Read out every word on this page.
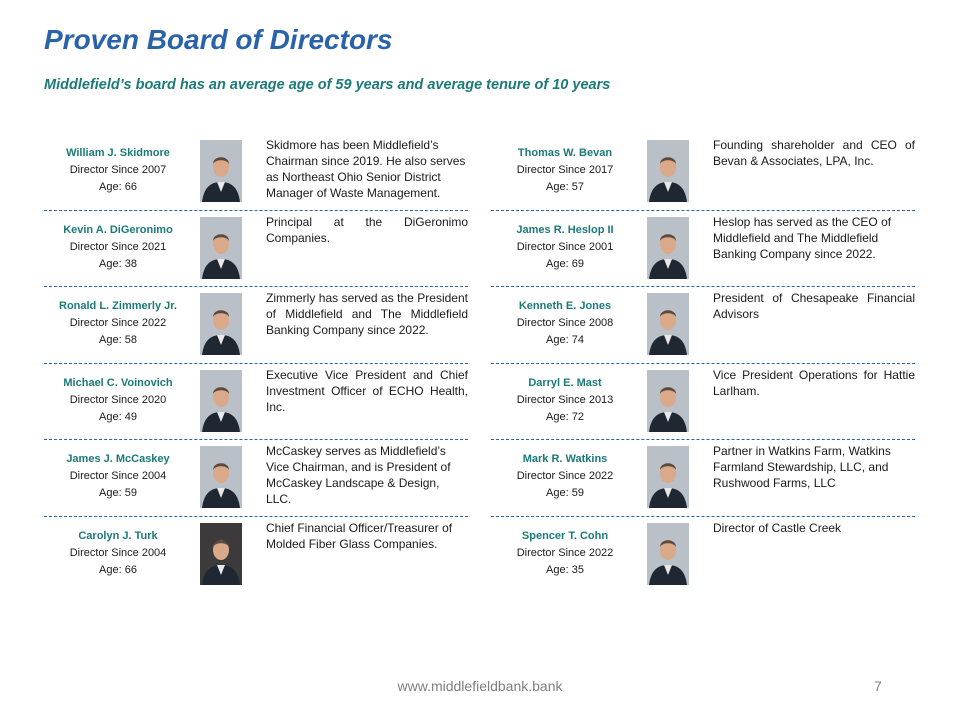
Proven Board of Directors
Middlefield’s board has an average age of 59 years and average tenure of 10 years
William J. Skidmore
Director Since 2007
Age: 66
Skidmore has been Middlefield’s Chairman since 2019. He also serves as Northeast Ohio Senior District Manager of Waste Management.
Kevin A. DiGeronimo
Director Since 2021
Age: 38
Principal at the DiGeronimo Companies.
Ronald L. Zimmerly Jr.
Director Since 2022
Age: 58
Zimmerly has served as the President of Middlefield and The Middlefield Banking Company since 2022.
Michael C. Voinovich
Director Since 2020
Age: 49
Executive Vice President and Chief Investment Officer of ECHO Health, Inc.
James J. McCaskey
Director Since 2004
Age: 59
McCaskey serves as Middlefield’s Vice Chairman, and is President of McCaskey Landscape & Design, LLC.
Carolyn J. Turk
Director Since 2004
Age: 66
Chief Financial Officer/Treasurer of Molded Fiber Glass Companies.
Thomas W. Bevan
Director Since 2017
Age: 57
Founding shareholder and CEO of Bevan & Associates, LPA, Inc.
James R. Heslop II
Director Since 2001
Age: 69
Heslop has served as the CEO of Middlefield and The Middlefield Banking Company since 2022.
Kenneth E. Jones
Director Since 2008
Age: 74
President of Chesapeake Financial Advisors
Darryl E. Mast
Director Since 2013
Age: 72
Vice President Operations for Hattie Larlham.
Mark R. Watkins
Director Since 2022
Age: 59
Partner in Watkins Farm, Watkins Farmland Stewardship, LLC, and Rushwood Farms, LLC
Spencer T. Cohn
Director Since 2022
Age: 35
Director of Castle Creek
www.middlefieldbank.bank	7
